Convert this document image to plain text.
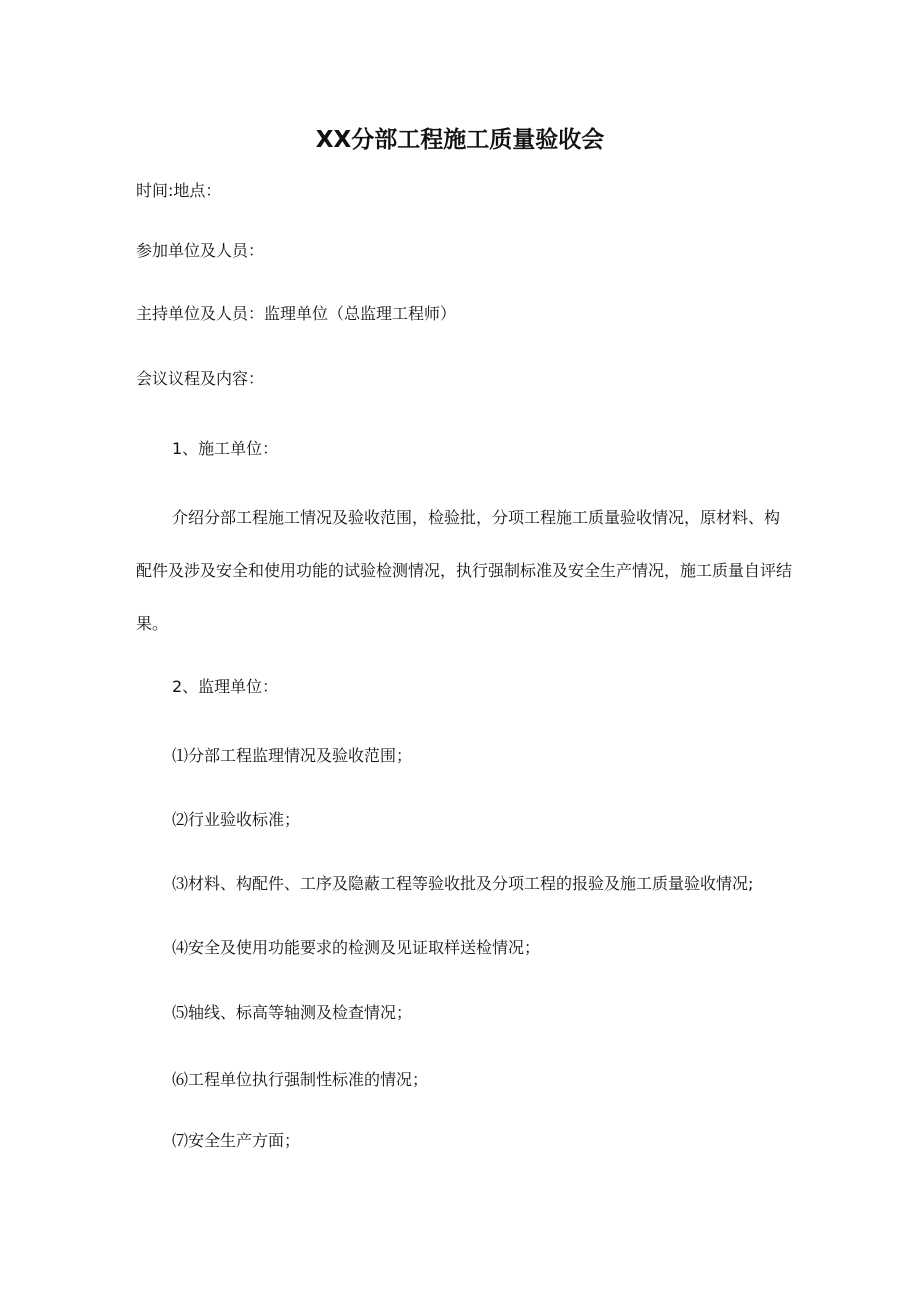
XX分部工程施工质量验收会
时间:地点：
参加单位及人员：
主持单位及人员：监理单位（总监理工程师）
会议议程及内容：
1、施工单位：
介绍分部工程施工情况及验收范围，检验批，分项工程施工质量验收情况，原材料、构配件及涉及安全和使用功能的试验检测情况，执行强制标准及安全生产情况，施工质量自评结果。
2、监理单位：
⑴分部工程监理情况及验收范围；
⑵行业验收标准；
⑶材料、构配件、工序及隐蔽工程等验收批及分项工程的报验及施工质量验收情况;
⑷安全及使用功能要求的检测及见证取样送检情况；
⑸轴线、标高等轴测及检查情况；
⑹工程单位执行强制性标准的情况；
⑺安全生产方面；
